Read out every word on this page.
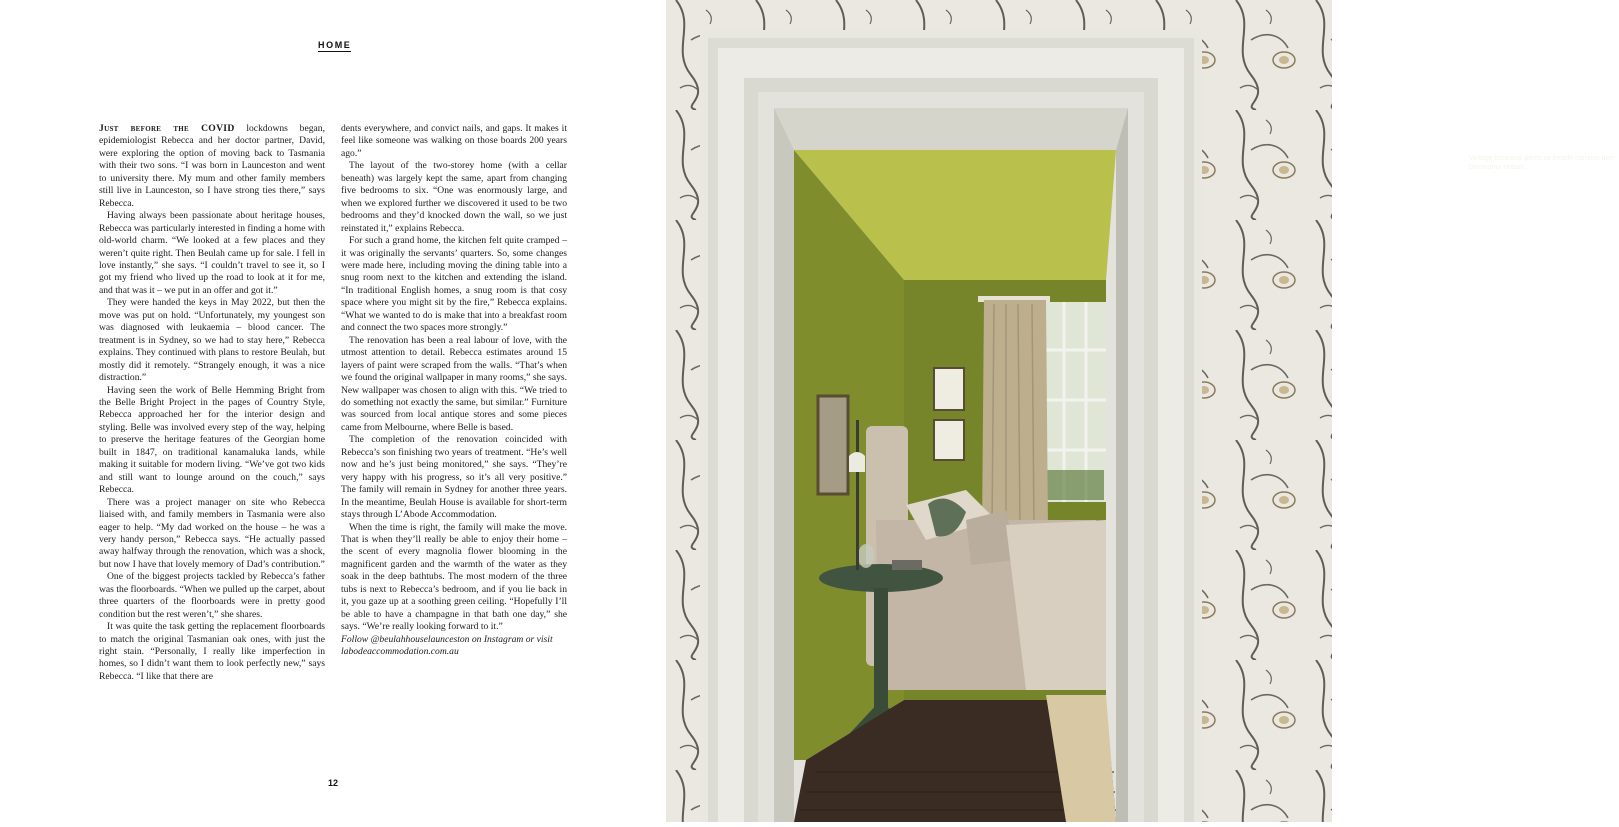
HOME

Just before the COVID lockdowns began, epidemiologist Rebecca and her doctor partner, David, were exploring the option of moving back to Tasmania with their two sons. “I was born in Launceston and went to university there. My mum and other family members still live in Launceston, so I have strong ties there,” says Rebecca.

Having always been passionate about heritage houses, Rebecca was particularly interested in finding a home with old-world charm. “We looked at a few places and they weren’t quite right. Then Beulah came up for sale. I fell in love instantly,” she says. “I couldn’t travel to see it, so I got my friend who lived up the road to look at it for me, and that was it – we put in an offer and got it.”

They were handed the keys in May 2022, but then the move was put on hold. “Unfortunately, my youngest son was diagnosed with leukaemia – blood cancer. The treatment is in Sydney, so we had to stay here,” Rebecca explains. They continued with plans to restore Beulah, but mostly did it remotely. “Strangely enough, it was a nice distraction.”

Having seen the work of Belle Hemming Bright from the Belle Bright Project in the pages of Country Style, Rebecca approached her for the interior design and styling. Belle was involved every step of the way, helping to preserve the heritage features of the Georgian home built in 1847, on traditional kanamaluka lands, while making it suitable for modern living. “We’ve got two kids and still want to lounge around on the couch,” says Rebecca.

There was a project manager on site who Rebecca liaised with, and family members in Tasmania were also eager to help. “My dad worked on the house – he was a very handy person,” Rebecca says. “He actually passed away halfway through the renovation, which was a shock, but now I have that lovely memory of Dad’s contribution.”

One of the biggest projects tackled by Rebecca’s father was the floorboards. “When we pulled up the carpet, about three quarters of the floorboards were in pretty good condition but the rest weren’t,” she shares.

It was quite the task getting the replacement floorboards to match the original Tasmanian oak ones, with just the right stain. “Personally, I really like imperfection in homes, so I didn’t want them to look perfectly new,” says Rebecca. “I like that there are

dents everywhere, and convict nails, and gaps. It makes it feel like someone was walking on those boards 200 years ago.”

The layout of the two-storey home (with a cellar beneath) was largely kept the same, apart from changing five bedrooms to six. “One was enormously large, and when we explored further we discovered it used to be two bedrooms and they’d knocked down the wall, so we just reinstated it,” explains Rebecca.

For such a grand home, the kitchen felt quite cramped – it was originally the servants’ quarters. So, some changes were made here, including moving the dining table into a snug room next to the kitchen and extending the island. “In traditional English homes, a snug room is that cosy space where you might sit by the fire,” Rebecca explains. “What we wanted to do is make that into a breakfast room and connect the two spaces more strongly.”

The renovation has been a real labour of love, with the utmost attention to detail. Rebecca estimates around 15 layers of paint were scraped from the walls. “That’s when we found the original wallpaper in many rooms,” she says. New wallpaper was chosen to align with this. “We tried to do something not exactly the same, but similar.” Furniture was sourced from local antique stores and some pieces came from Melbourne, where Belle is based.

The completion of the renovation coincided with Rebecca’s son finishing two years of treatment. “He’s well now and he’s just being monitored,” she says. “They’re very happy with his progress, so it’s all very positive.” The family will remain in Sydney for another three years. In the meantime, Beulah House is available for short-term stays through L’Abode Accommodation.

When the time is right, the family will make the move. That is when they’ll really be able to enjoy their home – the scent of every magnolia flower blooming in the magnificent garden and the warmth of the water as they soak in the deep bathtubs. The most modern of the three tubs is next to Rebecca’s bedroom, and if you lie back in it, you gaze up at a soothing green ceiling. “Hopefully I’ll be able to have a champagne in that bath one day,” she says. “We’re really looking forward to it.”

Follow @beulahhouselaunceston on Instagram or visit labodeaccommodation.com.au

12
Vintage botanical prints sit beside curtains from Decorama Hobart.
